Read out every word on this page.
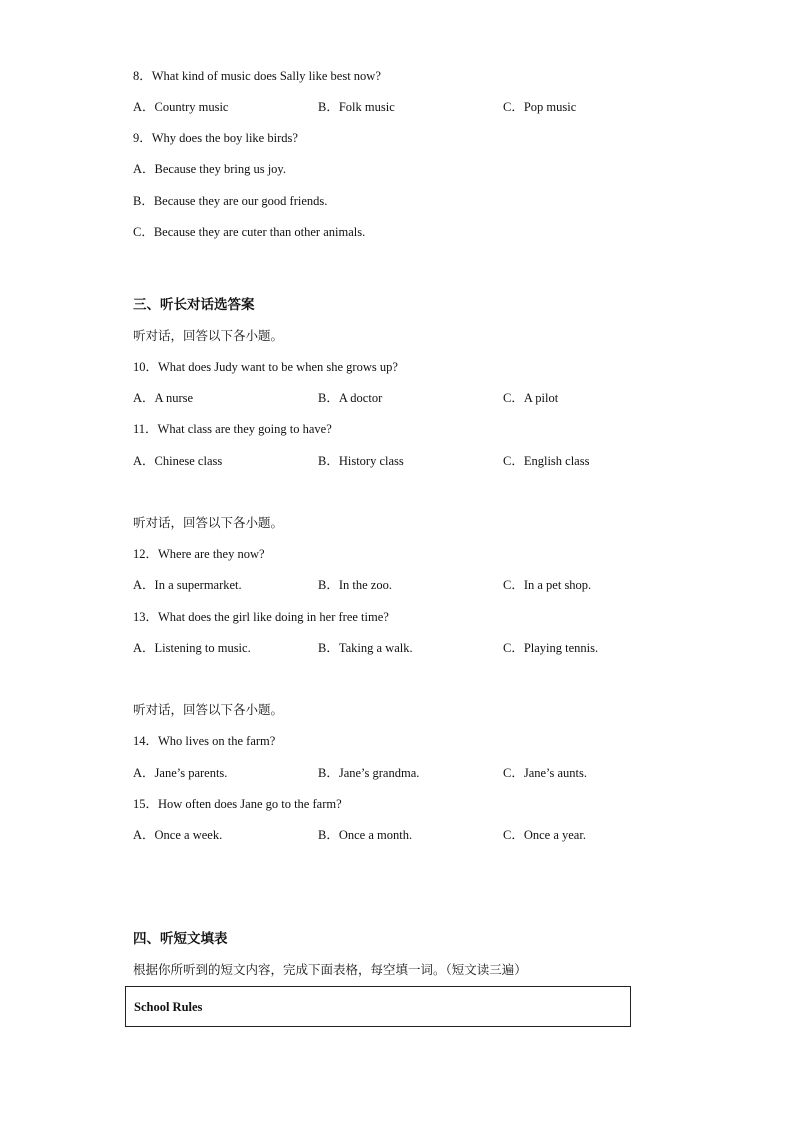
8．What kind of music does Sally like best now?
A．Country music	B．Folk music	C．Pop music
9．Why does the boy like birds?
A．Because they bring us joy.
B．Because they are our good friends.
C．Because they are cuter than other animals.
三、听长对话选答案
听对话，回答以下各小题。
10．What does Judy want to be when she grows up?
A．A nurse	B．A doctor	C．A pilot
11．What class are they going to have?
A．Chinese class	B．History class	C．English class
听对话，回答以下各小题。
12．Where are they now?
A．In a supermarket.	B．In the zoo.	C．In a pet shop.
13．What does the girl like doing in her free time?
A．Listening to music.	B．Taking a walk.	C．Playing tennis.
听对话，回答以下各小题。
14．Who lives on the farm?
A．Jane’s parents.	B．Jane’s grandma.	C．Jane’s aunts.
15．How often does Jane go to the farm?
A．Once a week.	B．Once a month.	C．Once a year.
四、听短文填表
根据你所听到的短文内容，完成下面表格，每空填一词。（短文读三遍）
School Rules
